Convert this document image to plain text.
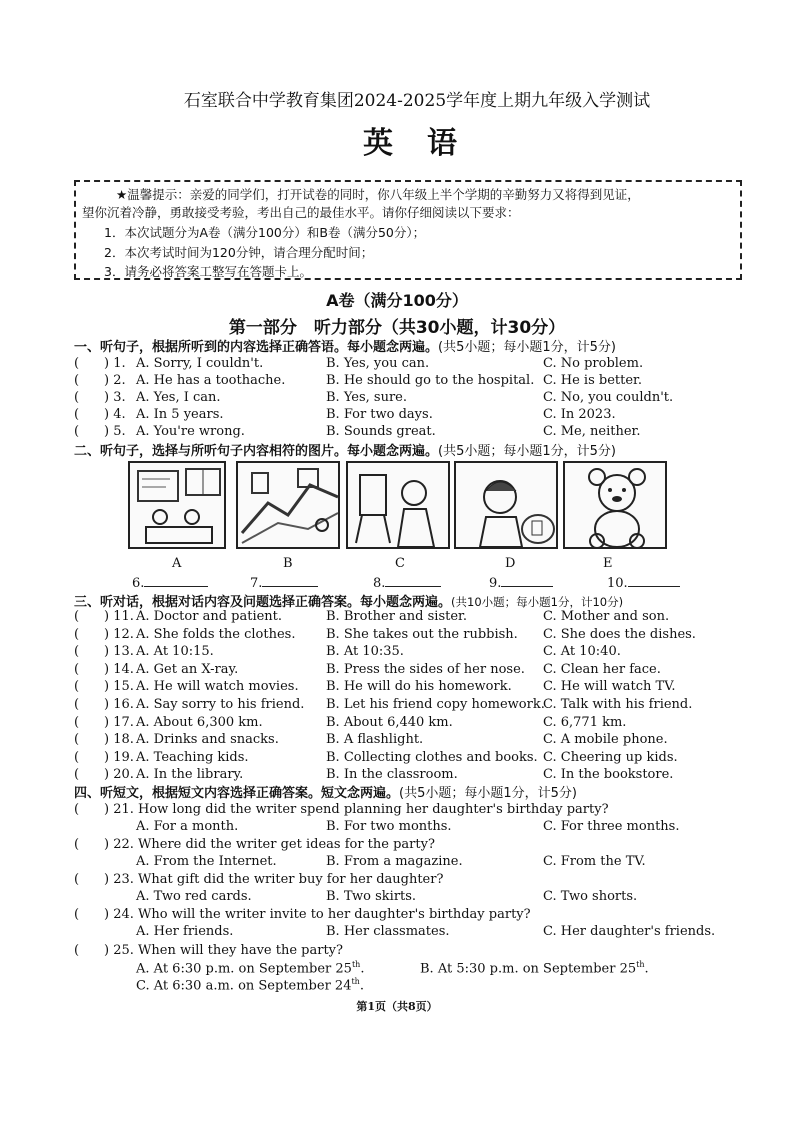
石室联合中学教育集团2024-2025学年度上期九年级入学测试
英语
★温馨提示：亲爱的同学们，打开试卷的同时，你八年级上半个学期的辛勤努力又将得到见证，
望你沉着冷静，勇敢接受考验，考出自己的最佳水平。请你仔细阅读以下要求：
1．本次试题分为A卷（满分100分）和B卷（满分50分）；
2．本次考试时间为120分钟，请合理分配时间；
3．请务必将答案工整写在答题卡上。
A卷（满分100分）
第一部分　听力部分（共30小题，计30分）
一、听句子，根据所听到的内容选择正确答语。每小题念两遍。(共5小题；每小题1分，计5分)
( ) 1. A. Sorry, I couldn't.	B. Yes, you can.	C. No problem.
( ) 2. A. He has a toothache.	B. He should go to the hospital. C. He is better.
( ) 3. A. Yes, I can.	B. Yes, sure.	C. No, you couldn't.
( ) 4. A. In 5 years.	B. For two days.	C. In 2023.
( ) 5. A. You're wrong.	B. Sounds great.	C. Me, neither.
二、听句子，选择与所听句子内容相符的图片。每小题念两遍。(共5小题；每小题1分，计5分)
A	B	C	D	E
6.	7.	8.	9.	10.
三、听对话，根据对话内容及问题选择正确答案。每小题念两遍。(共10小题；每小题1分，计10分)
( ) 11. A. Doctor and patient.	B. Brother and sister.	C. Mother and son.
( ) 12. A. She folds the clothes. B. She takes out the rubbish. C. She does the dishes.
( ) 13. A. At 10:15.	B. At 10:35.	C. At 10:40.
( ) 14. A. Get an X-ray.	B. Press the sides of her nose. C. Clean her face.
( ) 15. A. He will watch movies. B. He will do his homework. C. He will watch TV.
( ) 16. A. Say sorry to his friend. B. Let his friend copy homework.
C. Talk with his friend.
( ) 17. A. About 6,300 km.	B. About 6,440 km.	C. 6,771 km.
( ) 18. A. Drinks and snacks.	B. A flashlight.	C. A mobile phone.
( ) 19. A. Teaching kids.	B. Collecting clothes and books. C. Cheering up kids.
( ) 20. A. In the library.	B. In the classroom.	C. In the bookstore.
四、听短文，根据短文内容选择正确答案。短文念两遍。(共5小题；每小题1分，计5分)
( ) 21. How long did the writer spend planning her daughter's birthday party?
A. For a month.	B. For two months.	C. For three months.
( ) 22. Where did the writer get ideas for the party?
A. From the Internet.	B. From a magazine.	C. From the TV.
( ) 23. What gift did the writer buy for her daughter?
A. Two red cards.	B. Two skirts.	C. Two shorts.
( ) 24. Who will the writer invite to her daughter's birthday party?
A. Her friends.	B. Her classmates.	C. Her daughter's friends.
( ) 25. When will they have the party?
A. At 6:30 p.m. on September 25th.	B. At 5:30 p.m. on September 25th.
C. At 6:30 a.m. on September 24th.
第1页（共8页）
